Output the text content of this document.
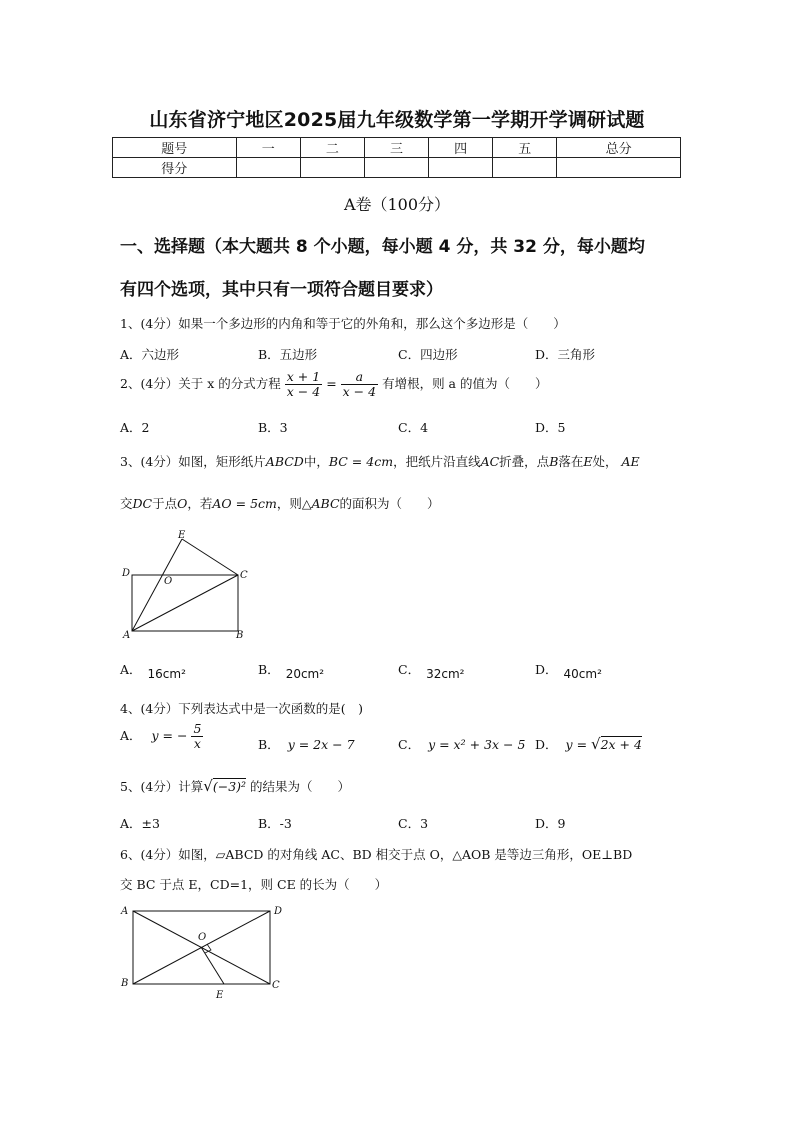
山东省济宁地区2025届九年级数学第一学期开学调研试题
题号	一	二	三	四	五	总分
得分						
A卷（100分）
一、选择题（本大题共 8 个小题，每小题 4 分，共 32 分，每小题均
有四个选项，其中只有一项符合题目要求）
1、(4分）如果一个多边形的内角和等于它的外角和，那么这个多边形是（　　）
A．六边形	B．五边形	C．四边形	D．三角形
2、(4分）关于 x 的分式方程 $\frac{x + 1}{x - 4} = \frac{a}{x - 4}$ 有增根，则 a 的值为（　　）
A．2	B．3	C．4	D．5
3、(4分）如图，矩形纸片ABCD中，BC = 4cm，把纸片沿直线AC折叠，点B落在E处， AE
交DC于点O，若AO = 5cm，则△ABC的面积为（　　）
E
D
O
C
A	B
A． 16cm²	B． 20cm²	C． 32cm²	D． 40cm²
4、(4分）下列表达式中是一次函数的是(　)
A． y = − $\frac{5}{x}$	B． y = 2x − 7	C． y = x² + 3x − 5 D． y = √2x + 4
5、(4分）计算√(−3)² 的结果为（　　）
A．±3	B．-3	C．3	D．9
6、(4分）如图，▱ABCD 的对角线 AC、BD 相交于点 O，△AOB 是等边三角形，OE⊥BD
交 BC 于点 E，CD=1，则 CE 的长为（　　）
A	D
O
B	C
E
